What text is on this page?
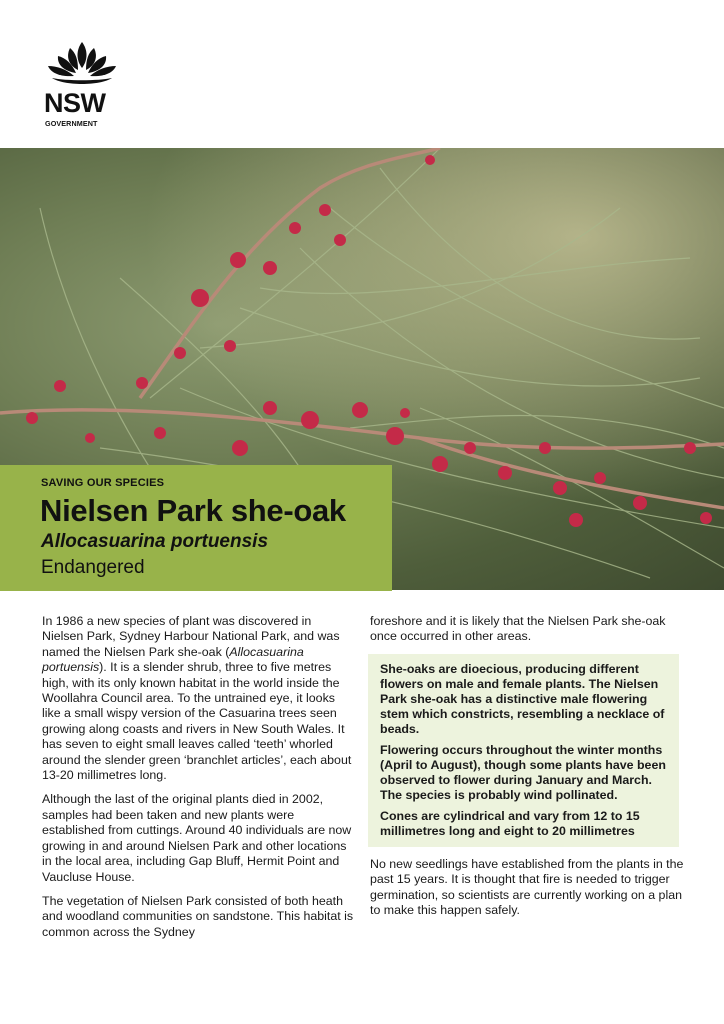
NSW
GOVERNMENT
SAVING OUR SPECIES
Nielsen Park she-oak
Allocasuarina portuensis
Endangered

In 1986 a new species of plant was discovered in Nielsen Park, Sydney Harbour National Park, and was named the Nielsen Park she-oak (Allocasuarina portuensis). It is a slender shrub, three to five metres high, with its only known habitat in the world inside the Woollahra Council area. To the untrained eye, it looks like a small wispy version of the Casuarina trees seen growing along coasts and rivers in New South Wales. It has seven to eight small leaves called ‘teeth’ whorled around the slender green ‘branchlet articles’, each about 13-20 millimetres long.

Although the last of the original plants died in 2002, samples had been taken and new plants were established from cuttings. Around 40 individuals are now growing in and around Nielsen Park and other locations in the local area, including Gap Bluff, Hermit Point and Vaucluse House.

The vegetation of Nielsen Park consisted of both heath and woodland communities on sandstone. This habitat is common across the Sydney

foreshore and it is likely that the Nielsen Park she-oak once occurred in other areas.

She-oaks are dioecious, producing different flowers on male and female plants. The Nielsen Park she-oak has a distinctive male flowering stem which constricts, resembling a necklace of beads.

Flowering occurs throughout the winter months (April to August), though some plants have been observed to flower during January and March. The species is probably wind pollinated.

Cones are cylindrical and vary from 12 to 15 millimetres long and eight to 20 millimetres

No new seedlings have established from the plants in the past 15 years. It is thought that fire is needed to trigger germination, so scientists are currently working on a plan to make this happen safely.
